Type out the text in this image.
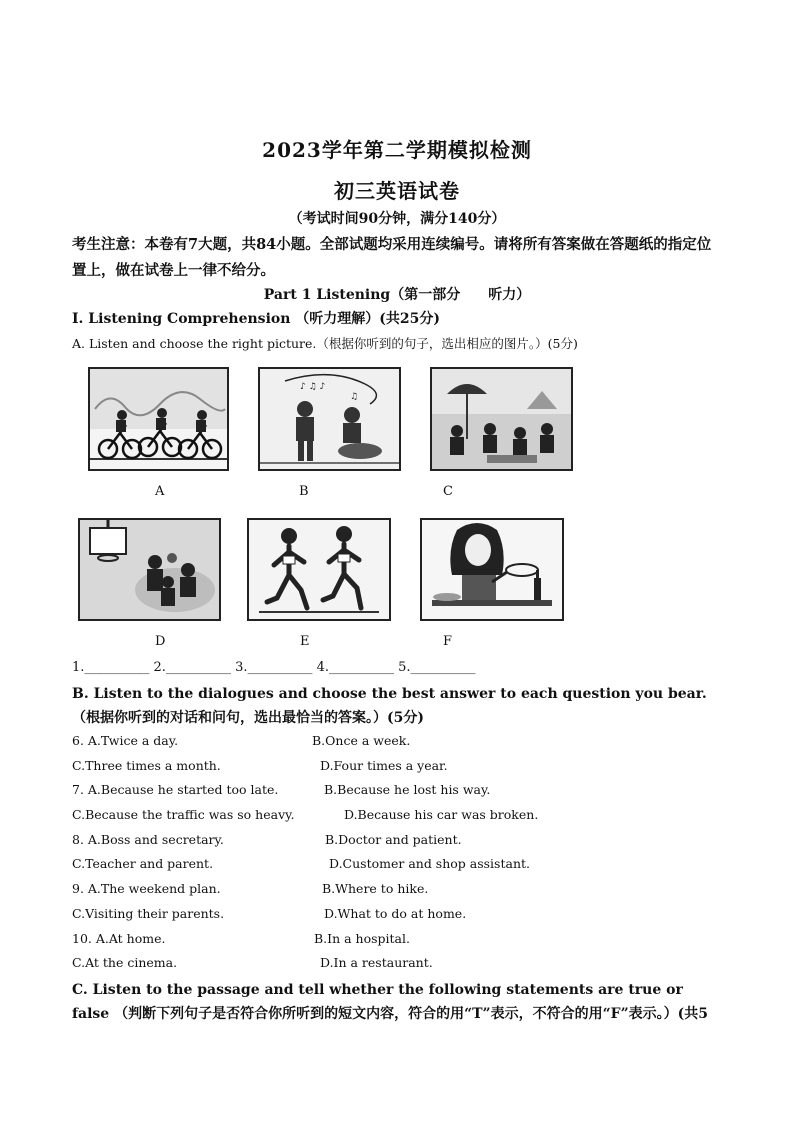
2023学年第二学期模拟检测
初三英语试卷
（考试时间90分钟，满分140分）
考生注意：本卷有7大题，共84小题。全部试题均采用连续编号。请将所有答案做在答题纸的指定位置上，做在试卷上一律不给分。
Part 1 Listening（第一部分　　听力）
I. Listening Comprehension （听力理解）(共25分)
A. Listen and choose the right picture.（根据你听到的句子，选出相应的图片。）(5分)
A
♪ ♫ ♪
♫
B	C
D	E	F
1.__________ 2.__________ 3.__________ 4.__________ 5.__________
B. Listen to the dialogues and choose the best answer to each question you bear.（根据你听到的对话和问句，选出最恰当的答案。）(5分)
6. A.Twice a day.	B.Once a week.
C.Three times a month.	D.Four times a year.
7. A.Because he started too late.	B.Because he lost his way.
C.Because the traffic was so heavy.	D.Because his car was broken.
8. A.Boss and secretary.	B.Doctor and patient.
C.Teacher and parent.	D.Customer and shop assistant.
9. A.The weekend plan.	B.Where to hike.
C.Visiting their parents.	D.What to do at home.
10. A.At home.	B.In a hospital.
C.At the cinema.	D.In a restaurant.
C. Listen to the passage and tell whether the following statements are true or false （判断下列句子是否符合你所听到的短文内容，符合的用“T”表示，不符合的用“F”表示。）(共5
